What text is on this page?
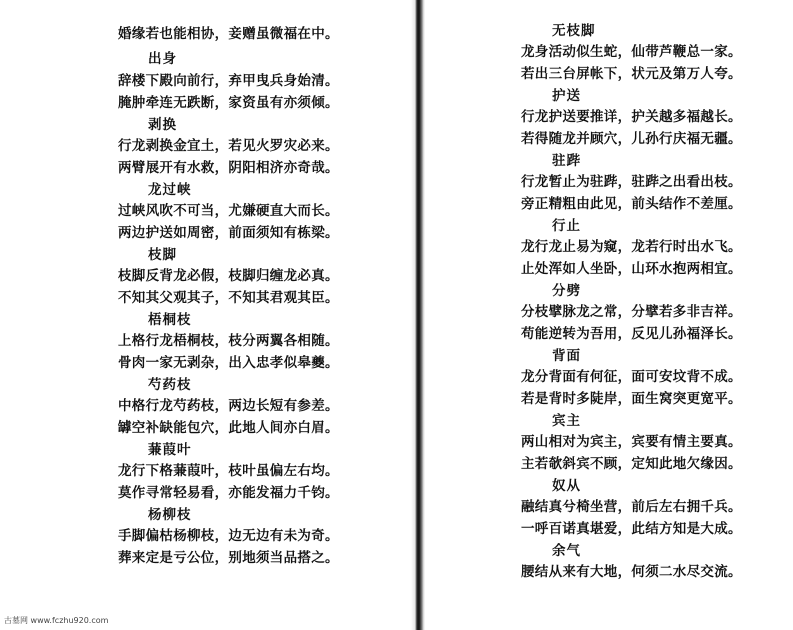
婚缘若也能相协，妾赠虽微福在中。
出身
辞楼下殿向前行，弃甲曳兵身始清。
腌肿牵连无跌断，家资虽有亦须倾。
剥换
行龙剥换金宜土，若见火罗灾必来。
两臂展开有水救，阴阳相济亦奇哉。
龙过峡
过峡风吹不可当，尤嫌硬直大而长。
两边护送如周密，前面须知有栋梁。
枝脚
枝脚反背龙必假，枝脚归缠龙必真。
不知其父观其子，不知其君观其臣。
梧桐枝
上格行龙梧桐枝，枝分两翼各相随。
骨肉一家无剥杂，出入忠孝似皋夔。
芍药枝
中格行龙芍药枝，两边长短有参差。
罅空补缺能包穴，此地人间亦白眉。
蒹葭叶
龙行下格蒹葭叶，枝叶虽偏左右均。
莫作寻常轻易看，亦能发福力千钧。
杨柳枝
手脚偏枯杨柳枝，边无边有未为奇。
葬来定是亏公位，别地须当品搭之。
无枝脚
龙身活动似生蛇，仙带芦鞭总一家。
若出三台屏帐下，状元及第万人夸。
护送
行龙护送要推详，护关越多福越长。
若得随龙并顾穴，儿孙行庆福无疆。
驻跸
行龙暂止为驻跸，驻跸之出看出枝。
旁正精粗由此见，前头结作不差厘。
行止
龙行龙止易为窥，龙若行时出水飞。
止处浑如人坐卧，山环水抱两相宜。
分劈
分枝擘脉龙之常，分擘若多非吉祥。
苟能逆转为吾用，反见儿孙福泽长。
背面
龙分背面有何征，面可安坟背不成。
若是背时多陡岸，面生窝突更宽平。
宾主
两山相对为宾主，宾要有情主要真。
主若欹斜宾不顾，定知此地欠缘因。
奴从
融结真兮椅坐营，前后左右拥千兵。
一呼百诺真堪爱，此结方知是大成。
余气
腰结从来有大地，何须二水尽交流。
古墓网 www.fczhu920.com
